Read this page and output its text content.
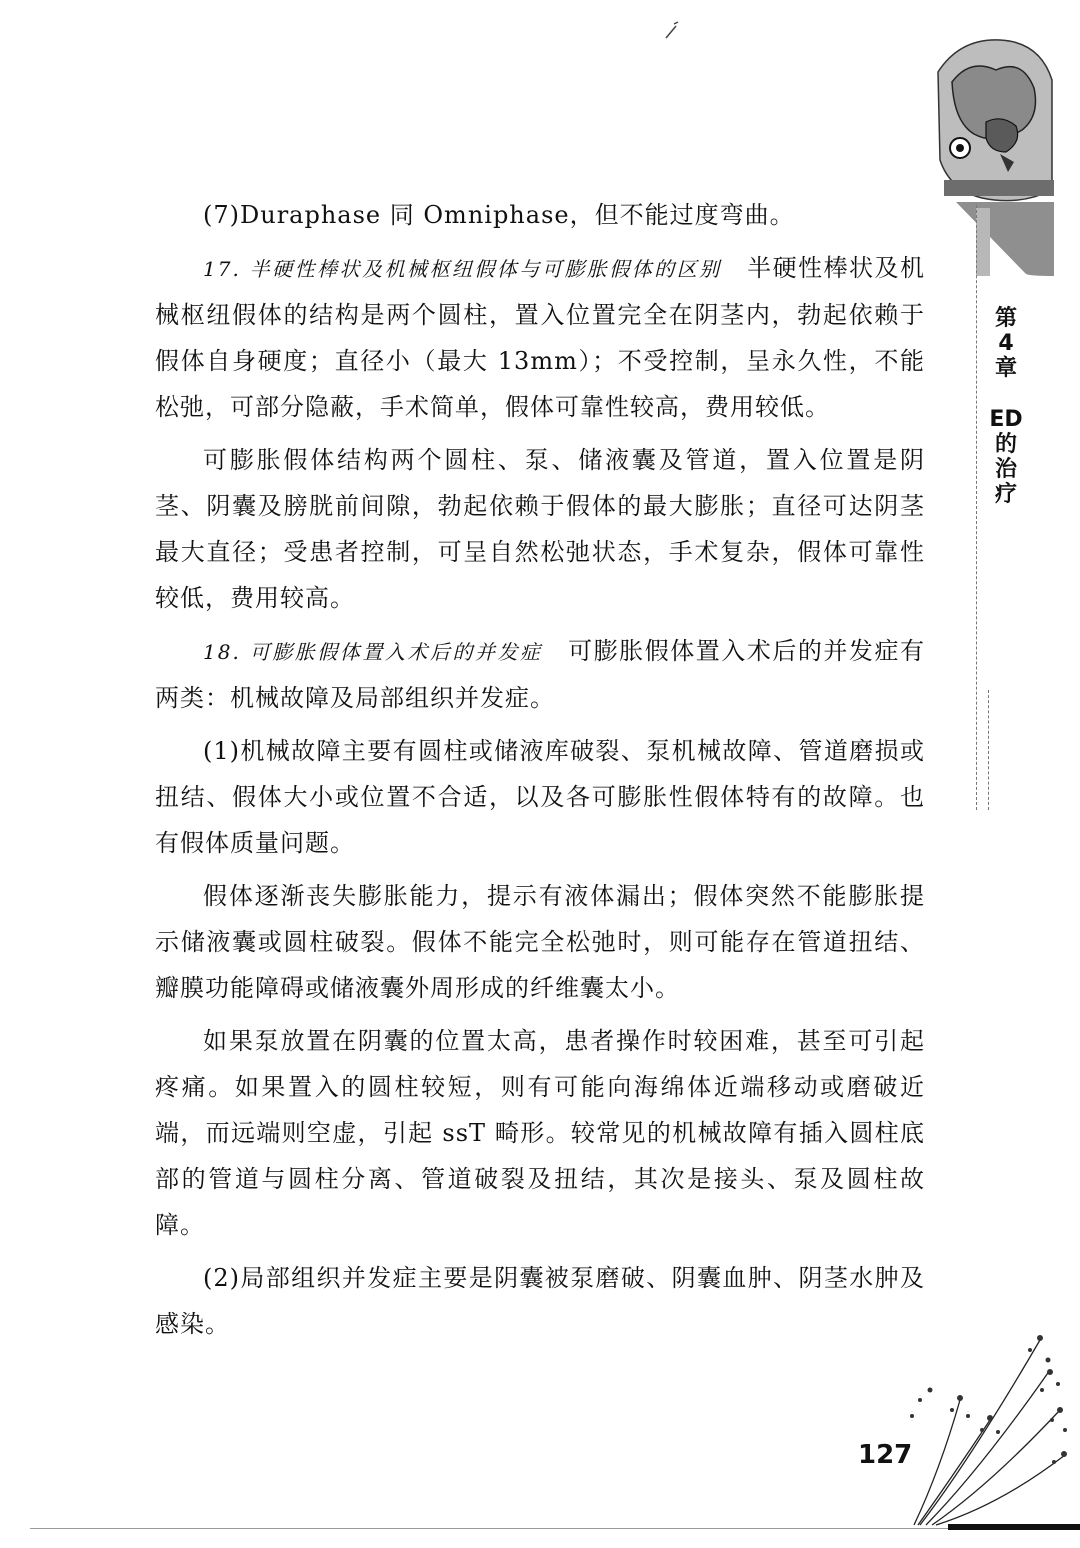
(7)Duraphase 同 Omniphase，但不能过度弯曲。

17. 半硬性棒状及机械枢纽假体与可膨胀假体的区别　 半硬性棒状及机械枢纽假体的结构是两个圆柱，置入位置完全在阴茎内，勃起依赖于假体自身硬度；直径小（最大 13mm）；不受控制，呈永久性，不能松弛，可部分隐蔽，手术简单，假体可靠性较高，费用较低。

可膨胀假体结构两个圆柱、泵、储液囊及管道，置入位置是阴茎、阴囊及膀胱前间隙，勃起依赖于假体的最大膨胀；直径可达阴茎最大直径；受患者控制，可呈自然松弛状态，手术复杂，假体可靠性较低，费用较高。

18. 可膨胀假体置入术后的并发症　 可膨胀假体置入术后的并发症有两类：机械故障及局部组织并发症。

(1)机械故障主要有圆柱或储液库破裂、泵机械故障、管道磨损或扭结、假体大小或位置不合适，以及各可膨胀性假体特有的故障。也有假体质量问题。

假体逐渐丧失膨胀能力，提示有液体漏出；假体突然不能膨胀提示储液囊或圆柱破裂。假体不能完全松弛时，则可能存在管道扭结、瓣膜功能障碍或储液囊外周形成的纤维囊太小。

如果泵放置在阴囊的位置太高，患者操作时较困难，甚至可引起疼痛。如果置入的圆柱较短，则有可能向海绵体近端移动或磨破近端，而远端则空虚，引起 ssT 畸形。较常见的机械故障有插入圆柱底部的管道与圆柱分离、管道破裂及扭结，其次是接头、泵及圆柱故障。

(2)局部组织并发症主要是阴囊被泵磨破、阴囊血肿、阴茎水肿及感染。

第
4
章
ED
的
治
疗
127
